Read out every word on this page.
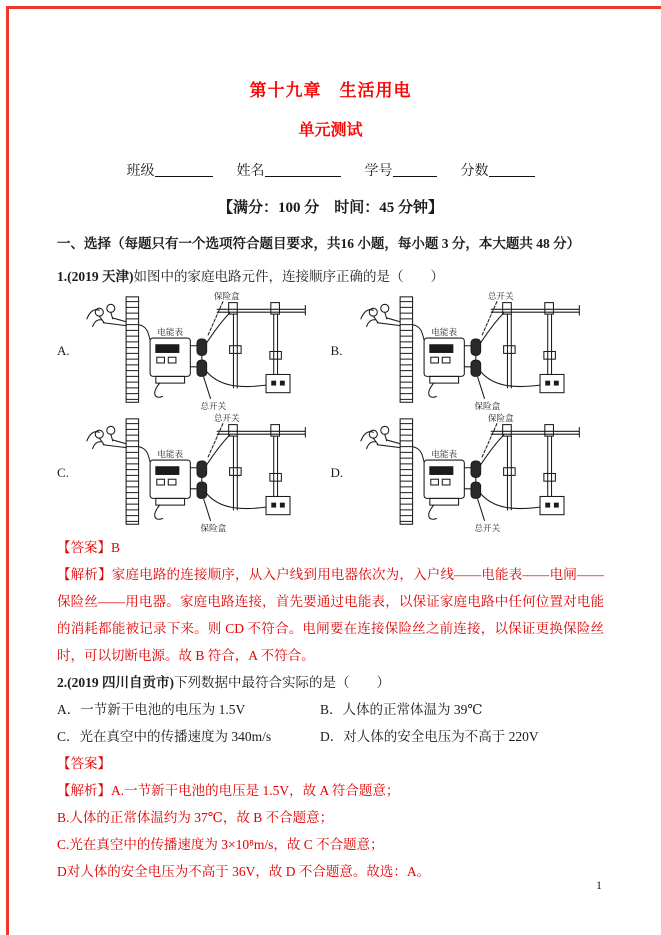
第十九章　生活用电
单元测试
班级	姓名	学号	分数
【满分：100 分　时间：45 分钟】
一、选择（每题只有一个选项符合题目要求，共16 小题，每小题 3 分，本大题共 48 分）
1.(2019 天津)如图中的家庭电路元件，连接顺序正确的是（　　）
A.
保险盒
电能表
总开关
B.
总开关
电能表
保险盒
C.
总开关
电能表
保险盒
D.
保险盒
电能表
总开关
【答案】B

【解析】家庭电路的连接顺序，从入户线到用电器依次为，入户线——电能表——电闸——保险丝——用电器。家庭电路连接，首先要通过电能表，以保证家庭电路中任何位置对电能的消耗都能被记录下来。则 CD 不符合。电闸要在连接保险丝之前连接，以保证更换保险丝时，可以切断电源。故 B 符合，A 不符合。

2.(2019 四川自贡市)下列数据中最符合实际的是（　　）
A．一节新干电池的电压为 1.5V	B．人体的正常体温为 39℃
C．光在真空中的传播速度为 340m/s	D．对人体的安全电压为不高于 220V
【答案】
【解析】A.一节新干电池的电压是 1.5V，故 A 符合题意；
B.人体的正常体温约为 37℃，故 B 不合题意；
C.光在真空中的传播速度为 3×10⁸m/s，故 C 不合题意；
D对人体的安全电压为不高于 36V，故 D 不合题意。故选：A。
1
